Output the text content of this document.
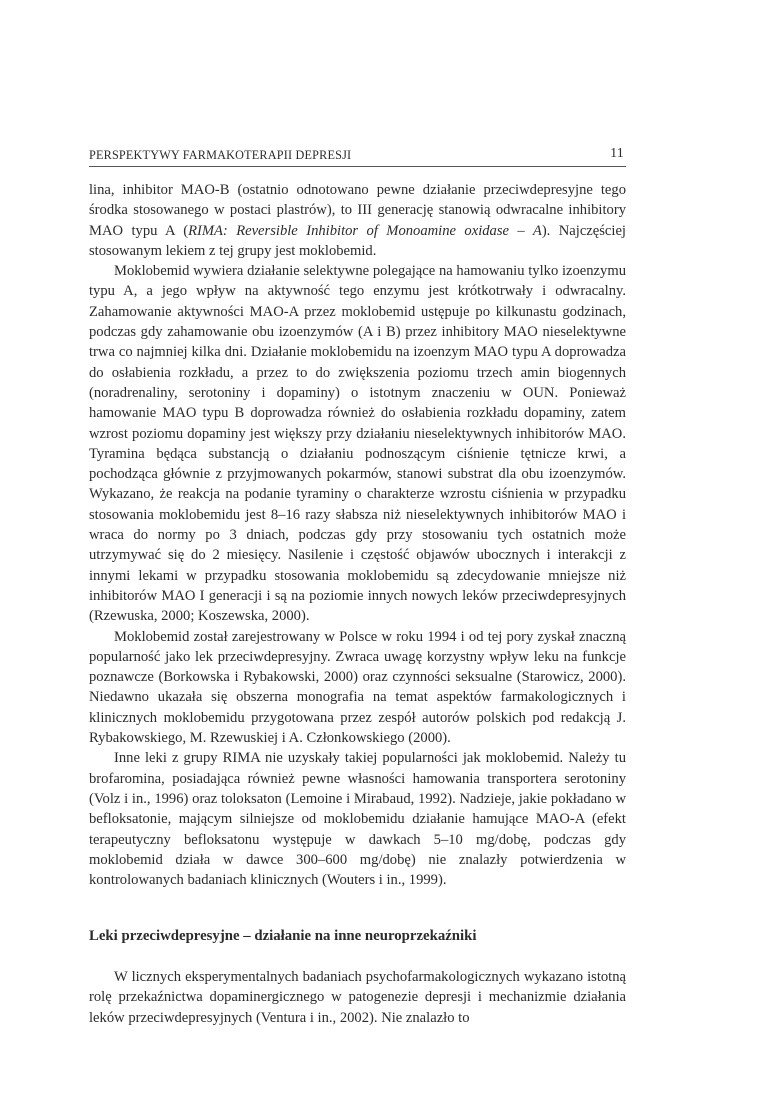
PERSPEKTYWY FARMAKOTERAPII DEPRESJI	11

lina, inhibitor MAO-B (ostatnio odnotowano pewne działanie przeciwdepresyjne tego środka stosowanego w postaci plastrów), to III generację stanowią odwracalne inhibitory MAO typu A (RIMA: Reversible Inhibitor of Monoamine oxidase – A). Najczęściej stosowanym lekiem z tej grupy jest moklobemid.

Moklobemid wywiera działanie selektywne polegające na hamowaniu tylko izoenzymu typu A, a jego wpływ na aktywność tego enzymu jest krótkotrwały i odwracalny. Zahamowanie aktywności MAO-A przez moklobemid ustępuje po kilkunastu godzinach, podczas gdy zahamowanie obu izoenzymów (A i B) przez inhibitory MAO nieselektywne trwa co najmniej kilka dni. Działanie moklobemidu na izoenzym MAO typu A doprowadza do osłabienia rozkładu, a przez to do zwiększenia poziomu trzech amin biogennych (noradrenaliny, serotoniny i dopaminy) o istotnym znaczeniu w OUN. Ponieważ hamowanie MAO typu B doprowadza również do osłabienia rozkładu dopaminy, zatem wzrost poziomu dopaminy jest większy przy działaniu nieselektywnych inhibitorów MAO. Tyramina będąca substancją o działaniu podnoszącym ciśnienie tętnicze krwi, a pochodząca głównie z przyjmowanych pokarmów, stanowi substrat dla obu izoenzymów. Wykazano, że reakcja na podanie tyraminy o charakterze wzrostu ciśnienia w przypadku stosowania moklobemidu jest 8–16 razy słabsza niż nieselektywnych inhibitorów MAO i wraca do normy po 3 dniach, podczas gdy przy stosowaniu tych ostatnich może utrzymywać się do 2 miesięcy. Nasilenie i częstość objawów ubocznych i interakcji z innymi lekami w przypadku stosowania moklobemidu są zdecydowanie mniejsze niż inhibitorów MAO I generacji i są na poziomie innych nowych leków przeciwdepresyjnych (Rzewuska, 2000; Koszewska, 2000).

Moklobemid został zarejestrowany w Polsce w roku 1994 i od tej pory zyskał znaczną popularność jako lek przeciwdepresyjny. Zwraca uwagę korzystny wpływ leku na funkcje poznawcze (Borkowska i Rybakowski, 2000) oraz czynności seksualne (Starowicz, 2000). Niedawno ukazała się obszerna monografia na temat aspektów farmakologicznych i klinicznych moklobemidu przygotowana przez zespół autorów polskich pod redakcją J. Rybakowskiego, M. Rzewuskiej i A. Członkowskiego (2000).

Inne leki z grupy RIMA nie uzyskały takiej popularności jak moklobemid. Należy tu brofaromina, posiadająca również pewne własności hamowania transportera serotoniny (Volz i in., 1996) oraz toloksaton (Lemoine i Mirabaud, 1992). Nadzieje, jakie pokładano w befloksatonie, mającym silniejsze od moklobemidu działanie hamujące MAO-A (efekt terapeutyczny befloksatonu występuje w dawkach 5–10 mg/dobę, podczas gdy moklobemid działa w dawce 300–600 mg/dobę) nie znalazły potwierdzenia w kontrolowanych badaniach klinicznych (Wouters i in., 1999).

Leki przeciwdepresyjne – działanie na inne neuroprzekaźniki

W licznych eksperymentalnych badaniach psychofarmakologicznych wykazano istotną rolę przekaźnictwa dopaminergicznego w patogenezie depresji i mechanizmie działania leków przeciwdepresyjnych (Ventura i in., 2002). Nie znalazło to
